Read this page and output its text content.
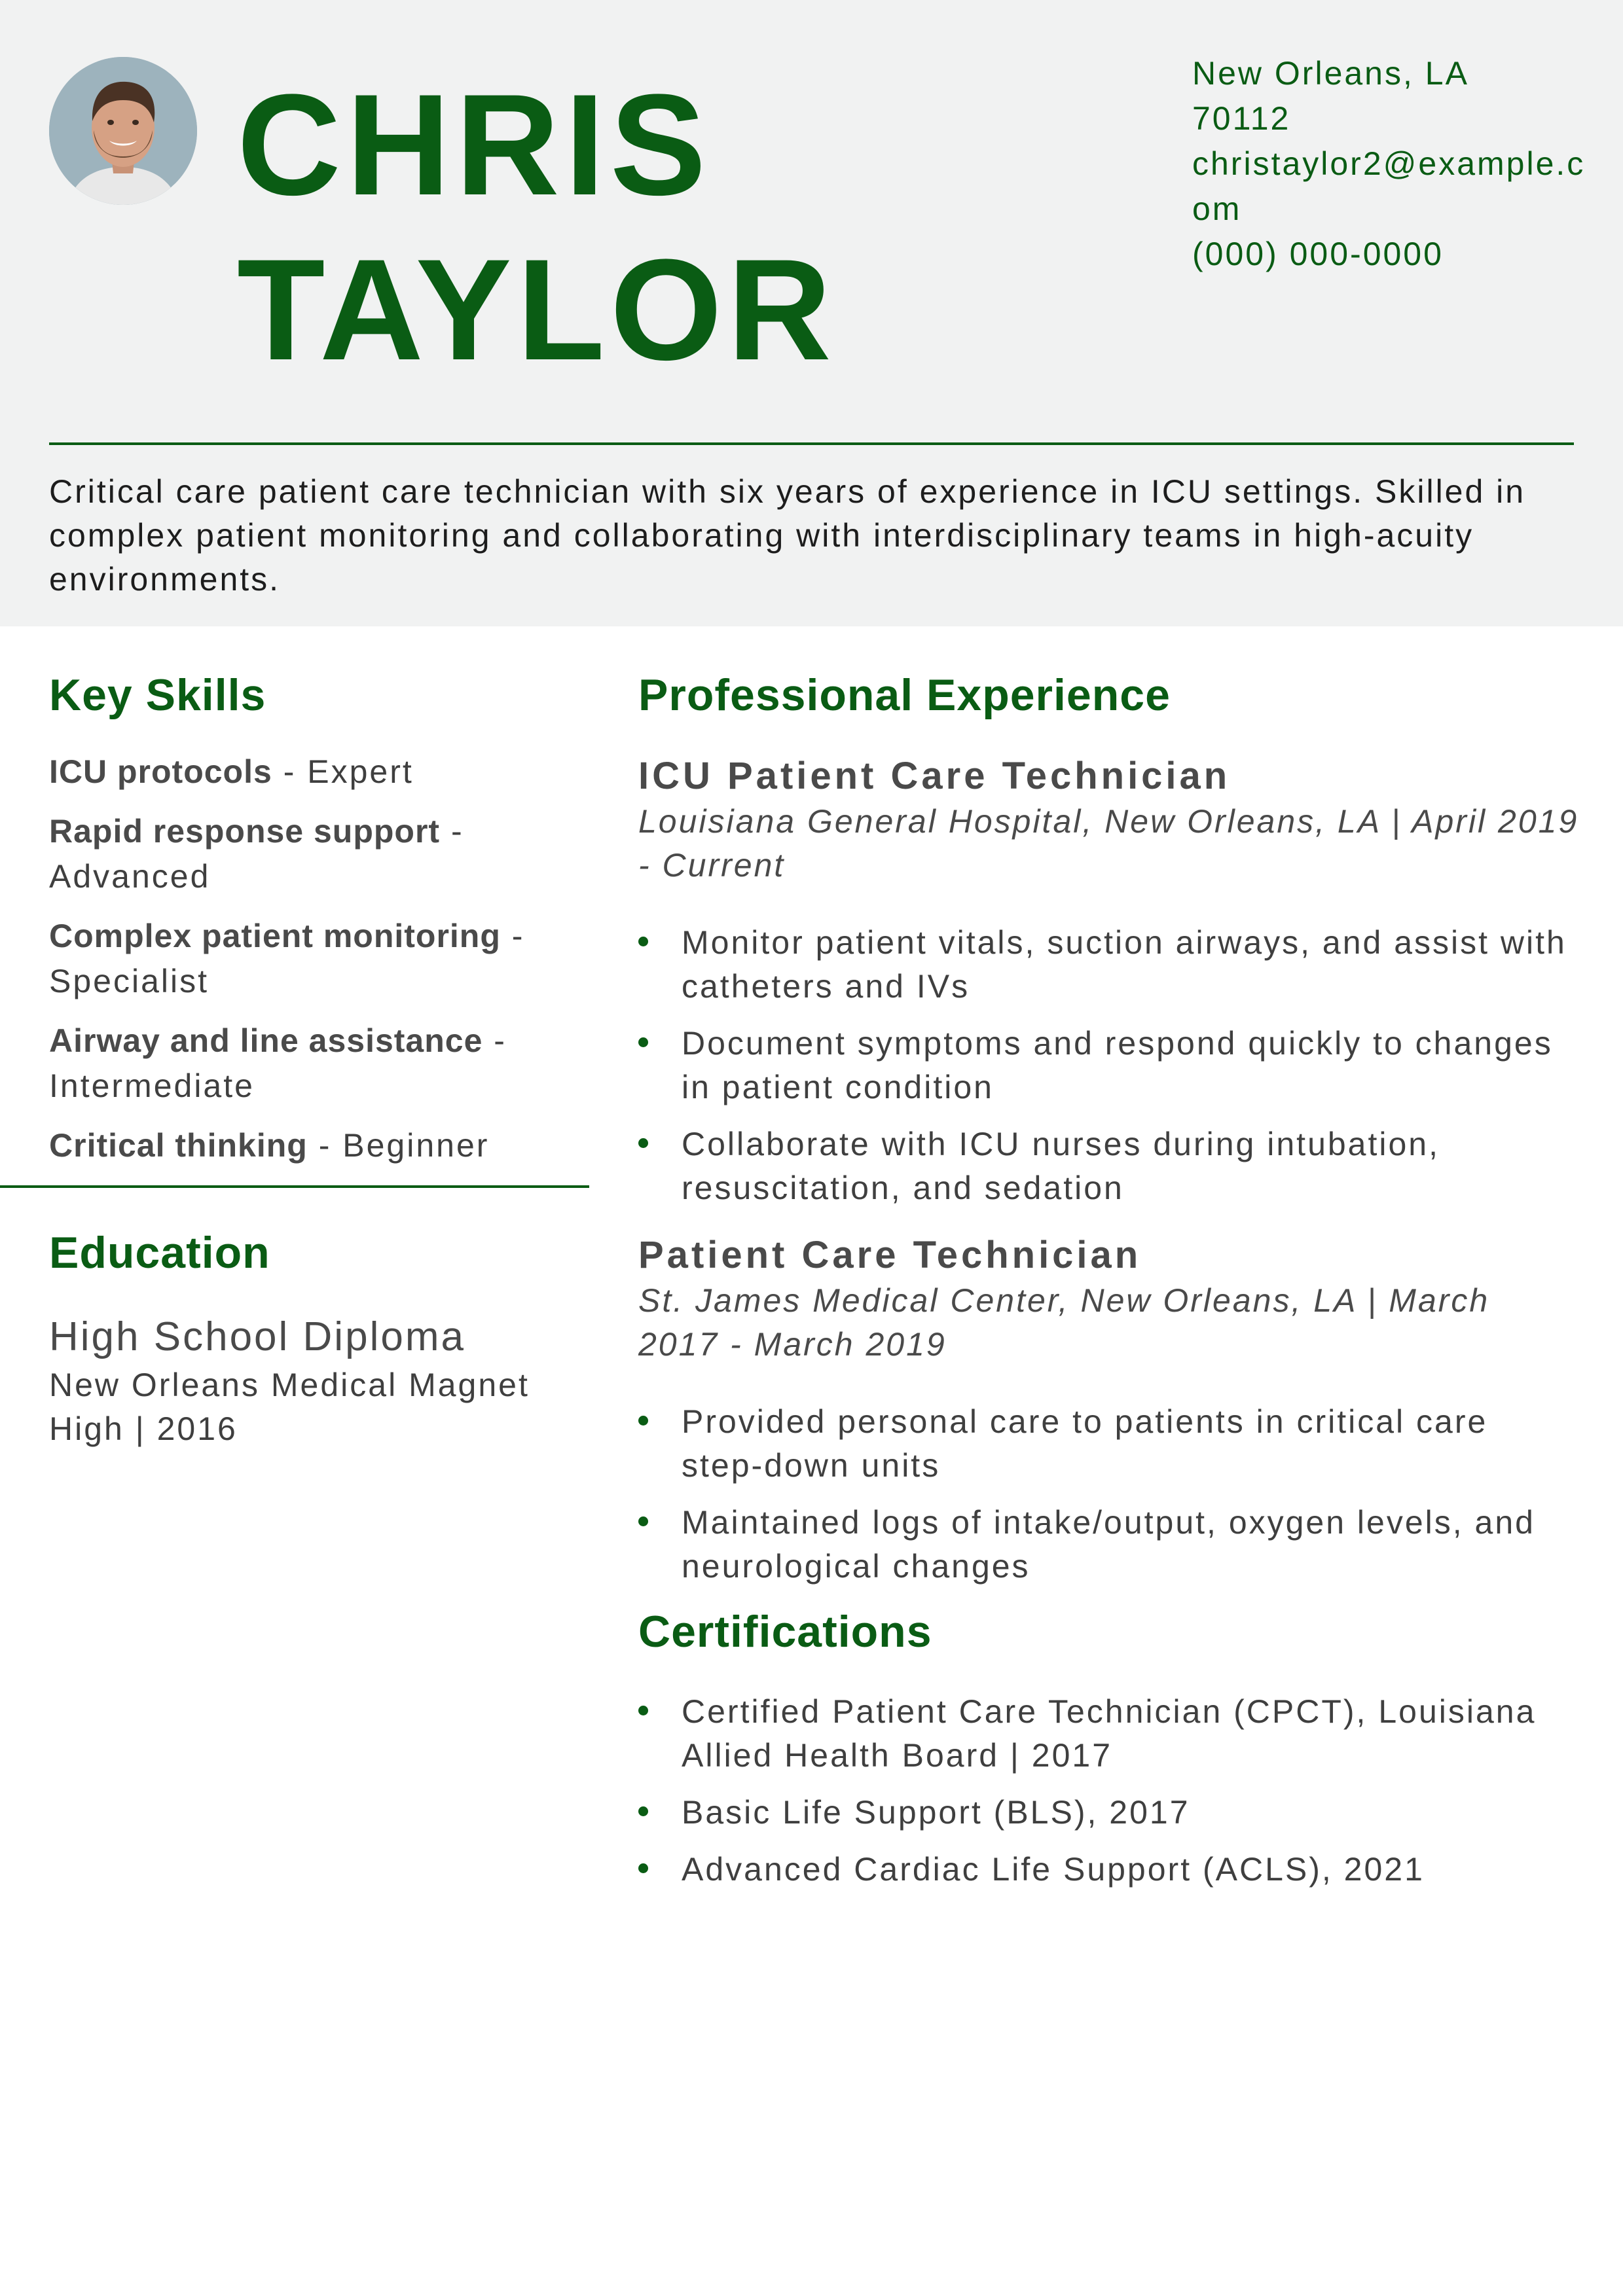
CHRIS
TAYLOR
New Orleans, LA
70112
christaylor2@example.com
(000) 000-0000
Critical care patient care technician with six years of experience in ICU settings. Skilled in complex patient monitoring and collaborating with interdisciplinary teams in high-acuity environments.
Key Skills
ICU protocols - Expert
Rapid response support - Advanced
Complex patient monitoring - Specialist
Airway and line assistance - Intermediate
Critical thinking - Beginner
Education
High School Diploma
New Orleans Medical Magnet High | 2016
Professional Experience
ICU Patient Care Technician
Louisiana General Hospital, New Orleans, LA | April 2019 - Current
Monitor patient vitals, suction airways, and assist with catheters and IVs
Document symptoms and respond quickly to changes in patient condition
Collaborate with ICU nurses during intubation, resuscitation, and sedation
Patient Care Technician
St. James Medical Center, New Orleans, LA | March 2017 - March 2019
Provided personal care to patients in critical care step-down units
Maintained logs of intake/output, oxygen levels, and neurological changes
Certifications
Certified Patient Care Technician (CPCT), Louisiana Allied Health Board | 2017
Basic Life Support (BLS), 2017
Advanced Cardiac Life Support (ACLS), 2021
